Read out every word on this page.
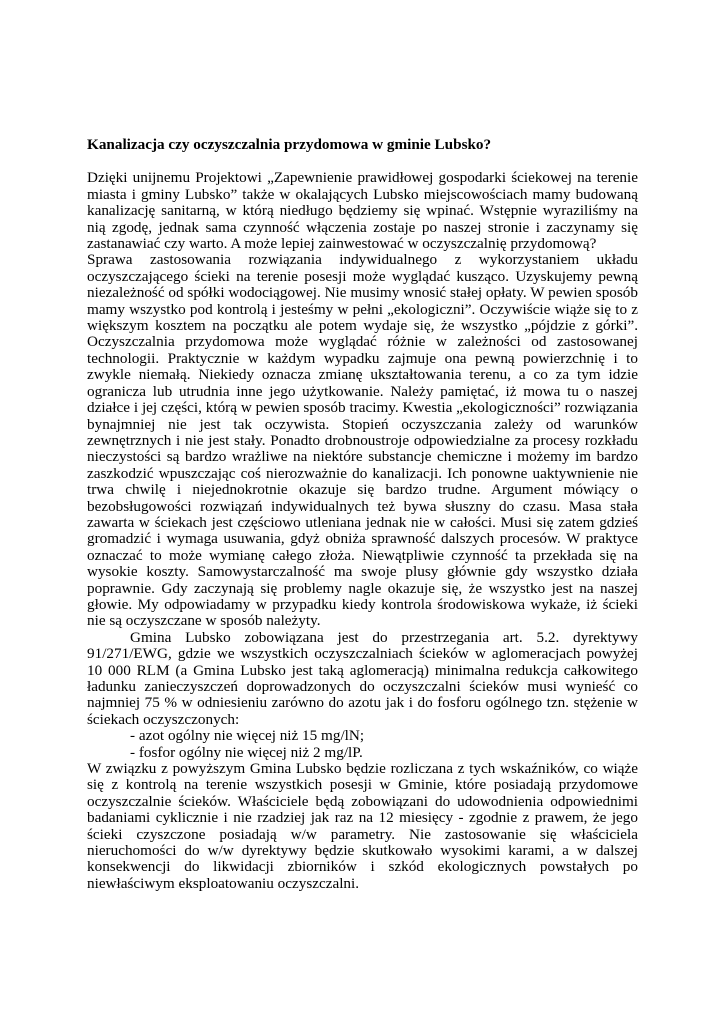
Kanalizacja czy oczyszczalnia przydomowa w gminie Lubsko?

Dzięki unijnemu Projektowi „Zapewnienie prawidłowej gospodarki ściekowej na terenie miasta i gminy Lubsko” także w okalających Lubsko miejscowościach mamy budowaną kanalizację sanitarną, w którą niedługo będziemy się wpinać. Wstępnie wyraziliśmy na nią zgodę, jednak sama czynność włączenia zostaje po naszej stronie i zaczynamy się zastanawiać czy warto. A może lepiej zainwestować w oczyszczalnię przydomową?

Sprawa zastosowania rozwiązania indywidualnego z wykorzystaniem układu oczyszczającego ścieki na terenie posesji może wyglądać kusząco. Uzyskujemy pewną niezależność od spółki wodociągowej. Nie musimy wnosić stałej opłaty. W pewien sposób mamy wszystko pod kontrolą i jesteśmy w pełni „ekologiczni”. Oczywiście wiąże się to z większym kosztem na początku ale potem wydaje się, że wszystko „pójdzie z górki”. Oczyszczalnia przydomowa może wyglądać różnie w zależności od zastosowanej technologii. Praktycznie w każdym wypadku zajmuje ona pewną powierzchnię i to zwykle niemałą. Niekiedy oznacza zmianę ukształtowania terenu, a co za tym idzie ogranicza lub utrudnia inne jego użytkowanie. Należy pamiętać, iż mowa tu o naszej działce i jej części, którą w pewien sposób tracimy. Kwestia „ekologiczności” rozwiązania bynajmniej nie jest tak oczywista. Stopień oczyszczania zależy od warunków zewnętrznych i nie jest stały. Ponadto drobnoustroje odpowiedzialne za procesy rozkładu nieczystości są bardzo wrażliwe na niektóre substancje chemiczne i możemy im bardzo zaszkodzić wpuszczając coś nierozważnie do kanalizacji. Ich ponowne uaktywnienie nie trwa chwilę i niejednokrotnie okazuje się bardzo trudne. Argument mówiący o bezobsługowości rozwiązań indywidualnych też bywa słuszny do czasu. Masa stała zawarta w ściekach jest częściowo utleniana jednak nie w całości. Musi się zatem gdzieś gromadzić i wymaga usuwania, gdyż obniża sprawność dalszych procesów. W praktyce oznaczać to może wymianę całego złoża. Niewątpliwie czynność ta przekłada się na wysokie koszty. Samowystarczalność ma swoje plusy głównie gdy wszystko działa poprawnie. Gdy zaczynają się problemy nagle okazuje się, że wszystko jest na naszej głowie. My odpowiadamy w przypadku kiedy kontrola środowiskowa wykaże, iż ścieki nie są oczyszczane w sposób należyty.

Gmina Lubsko zobowiązana jest do przestrzegania art. 5.2. dyrektywy 91/271/EWG, gdzie we wszystkich oczyszczalniach ścieków w aglomeracjach powyżej 10 000 RLM (a Gmina Lubsko jest taką aglomeracją) minimalna redukcja całkowitego ładunku zanieczyszczeń doprowadzonych do oczyszczalni ścieków musi wynieść co najmniej 75 % w odniesieniu zarówno do azotu jak i do fosforu ogólnego tzn. stężenie w ściekach oczyszczonych:

- azot ogólny nie więcej niż 15 mg/lN;

- fosfor ogólny nie więcej niż 2 mg/lP.

W związku z powyższym Gmina Lubsko będzie rozliczana z tych wskaźników, co wiąże się z kontrolą na terenie wszystkich posesji w Gminie, które posiadają przydomowe oczyszczalnie ścieków. Właściciele będą zobowiązani do udowodnienia odpowiednimi badaniami cyklicznie i nie rzadziej jak raz na 12 miesięcy - zgodnie z prawem, że jego ścieki czyszczone posiadają w/w parametry. Nie zastosowanie się właściciela nieruchomości do w/w dyrektywy będzie skutkowało wysokimi karami, a w dalszej konsekwencji do likwidacji zbiorników i szkód ekologicznych powstałych po niewłaściwym eksploatowaniu oczyszczalni.
